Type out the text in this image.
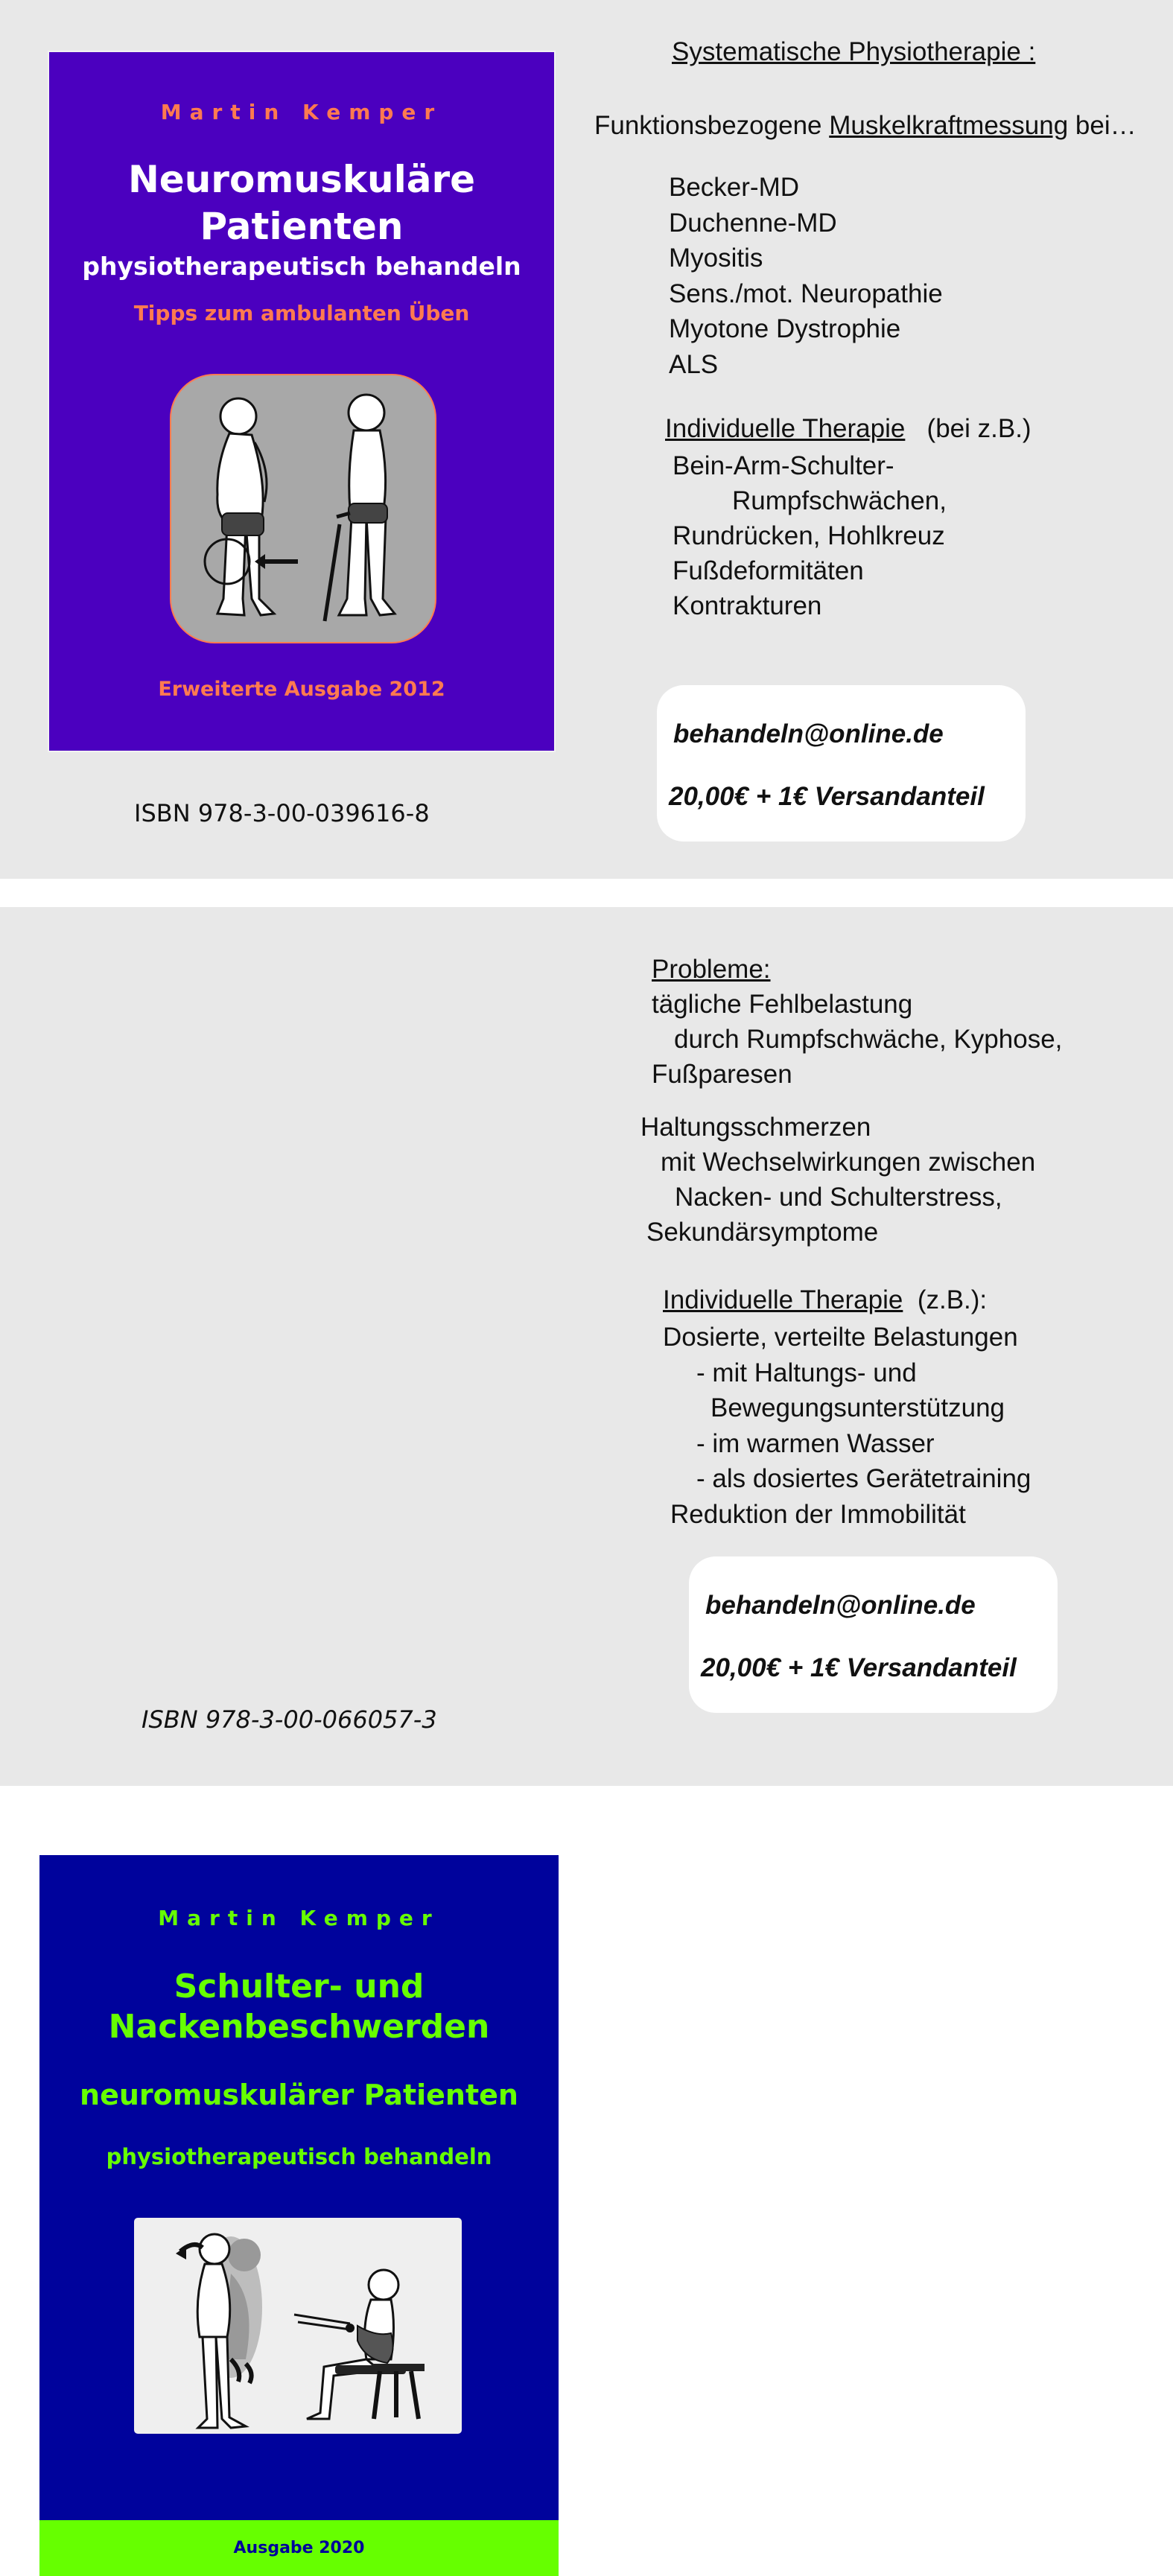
Martin Kemper
Neuromuskuläre
Patienten
physiotherapeutisch behandeln
Tipps zum ambulanten Üben
Erweiterte Ausgabe 2012
ISBN 978-3-00-039616-8
Systematische Physiotherapie :
Funktionsbezogene Muskelkraftmessung bei…
Becker-MD
Duchenne-MD
Myositis
Sens./mot. Neuropathie
Myotone Dystrophie
ALS
Individuelle Therapie (bei z.B.)
Bein-Arm-Schulter-
Rumpfschwächen,
Rundrücken, Hohlkreuz
Fußdeformitäten
Kontrakturen
behandeln@online.de
20,00€ + 1€ Versandanteil
Martin Kemper
Schulter- und
Nackenbeschwerden
neuromuskulärer Patienten
physiotherapeutisch behandeln
Ausgabe 2020
ISBN 978-3-00-066057-3
Probleme:
tägliche Fehlbelastung
durch Rumpfschwäche, Kyphose,
Fußparesen
Haltungsschmerzen
mit Wechselwirkungen zwischen
Nacken- und Schulterstress,
Sekundärsymptome
Individuelle Therapie (z.B.):
Dosierte, verteilte Belastungen
- mit Haltungs- und
Bewegungsunterstützung
- im warmen Wasser
- als dosiertes Gerätetraining
Reduktion der Immobilität
behandeln@online.de
20,00€ + 1€ Versandanteil
